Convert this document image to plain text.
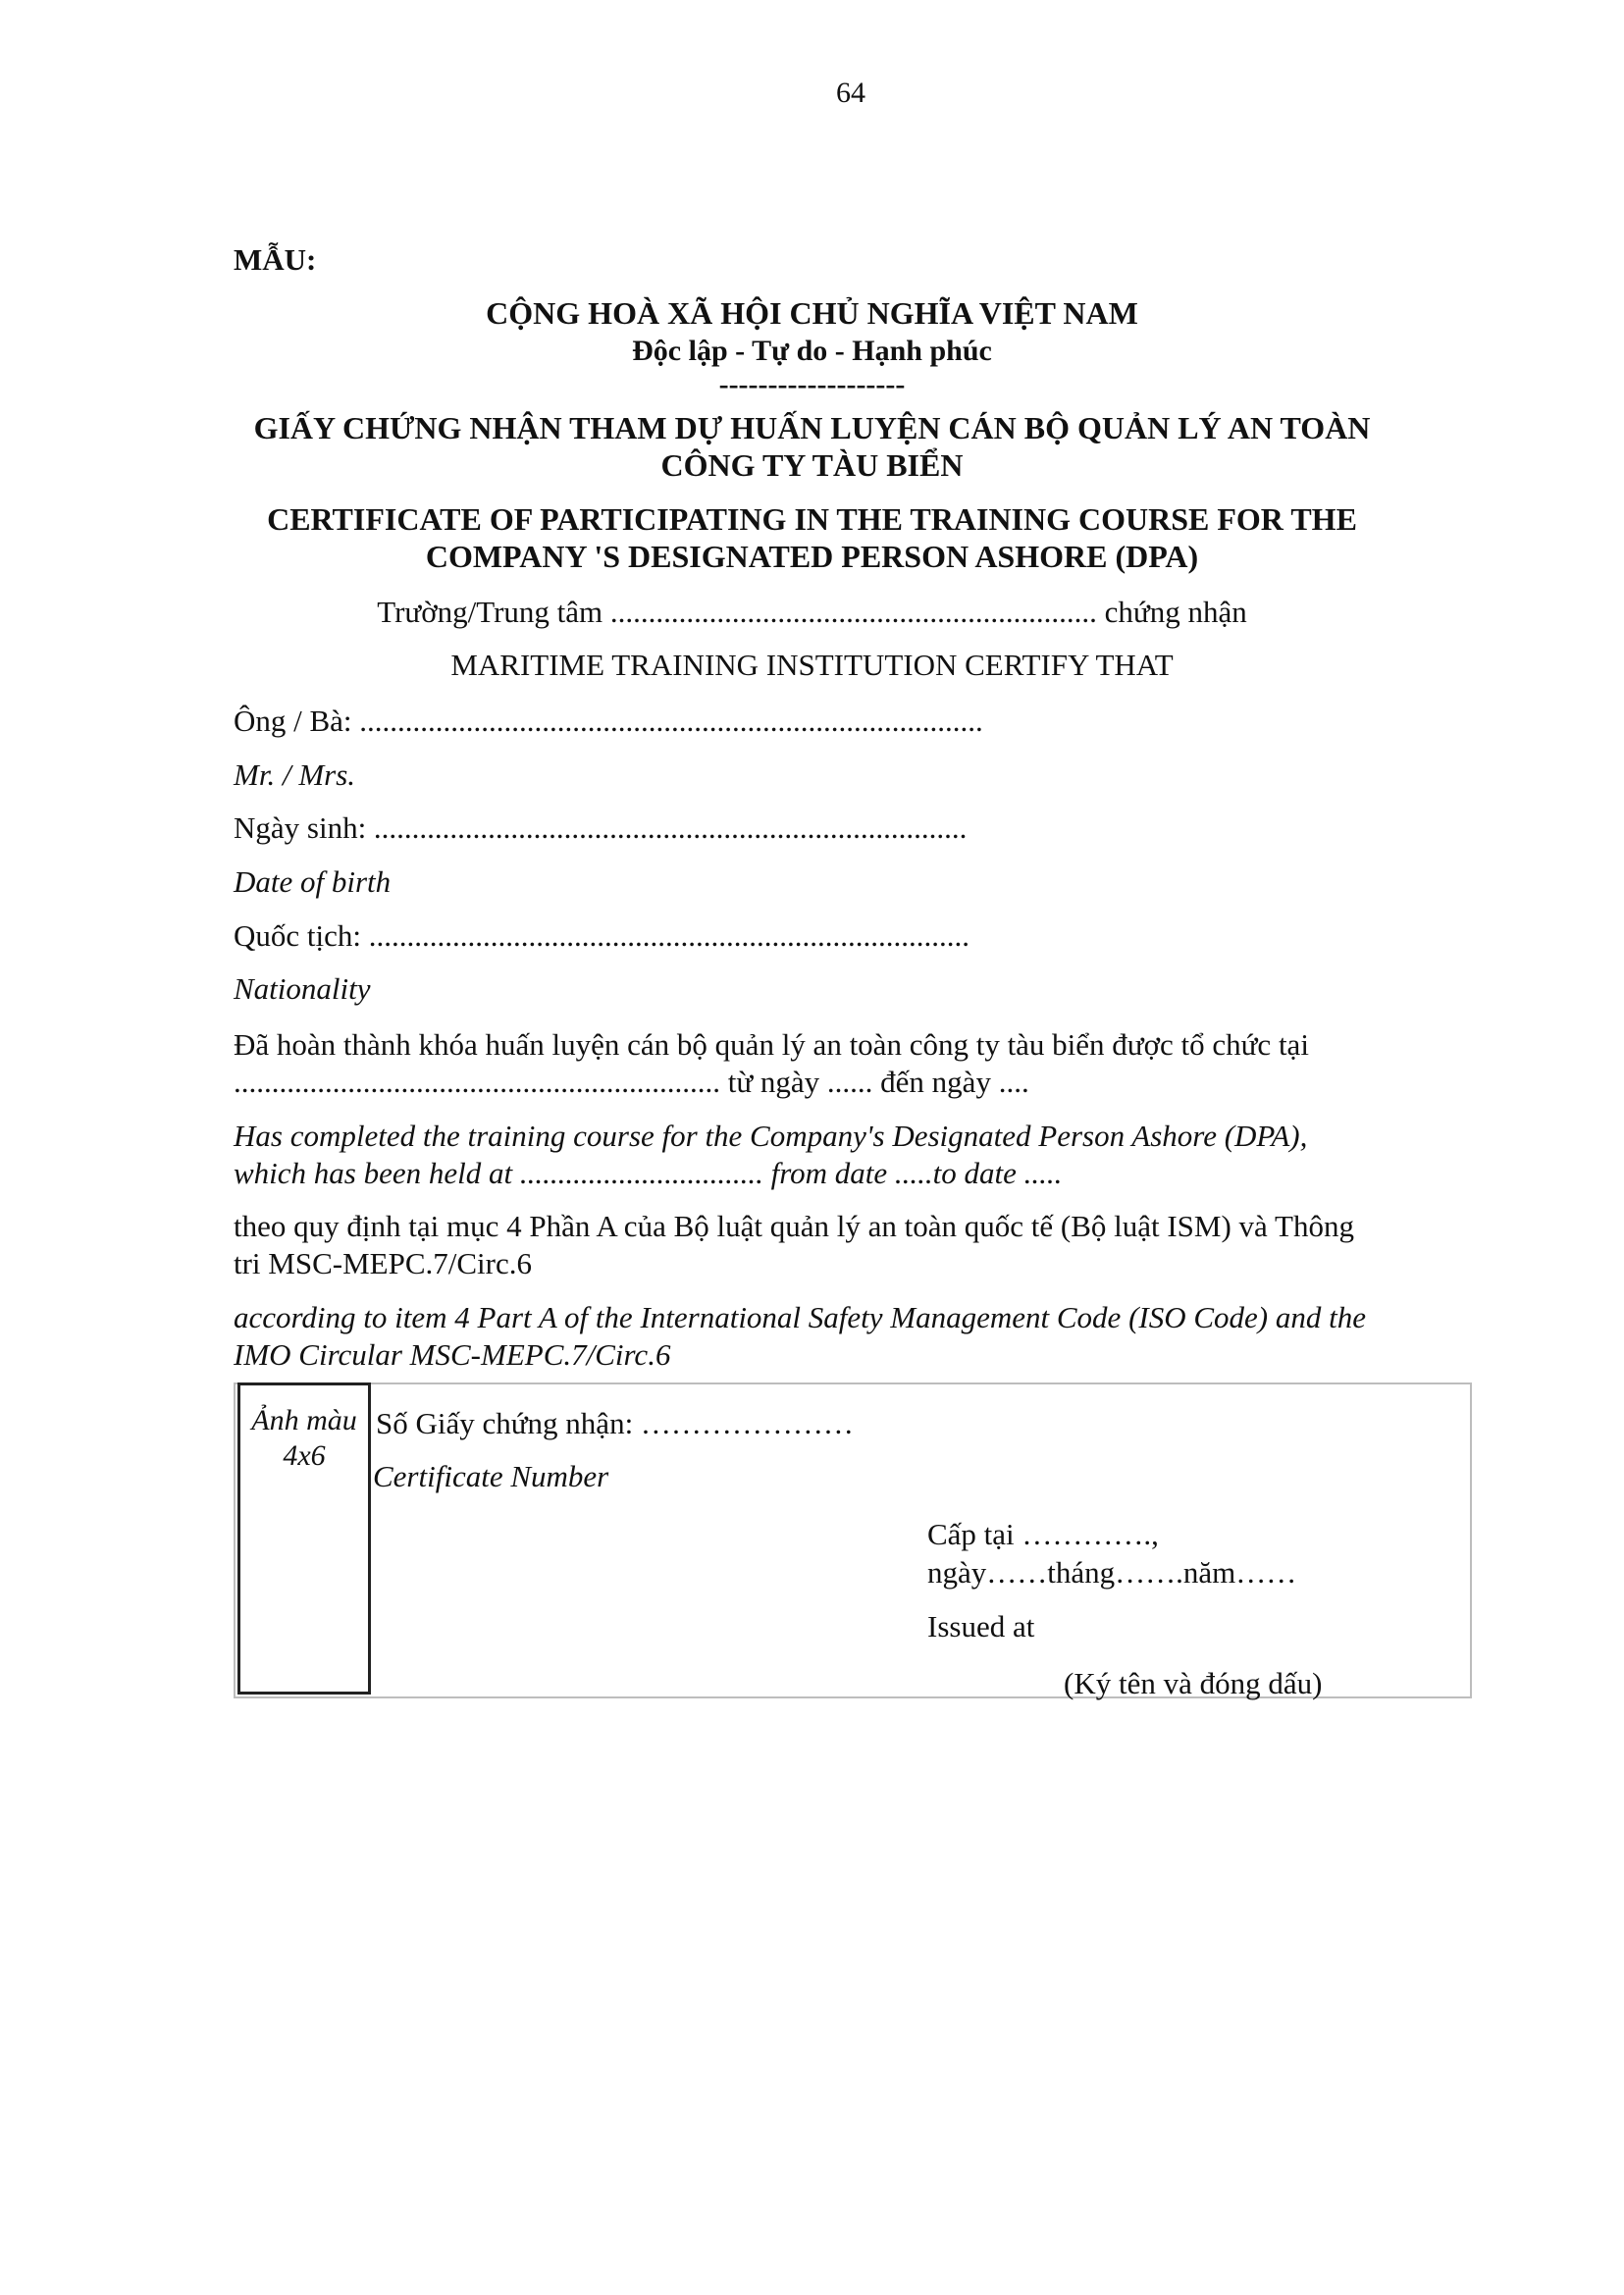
64
MẪU:
CỘNG HOÀ XÃ HỘI CHỦ NGHĨA VIỆT NAM
Độc lập - Tự do - Hạnh phúc
-------------------
GIẤY CHỨNG NHẬN THAM DỰ HUẤN LUYỆN CÁN BỘ QUẢN LÝ AN TOÀN
CÔNG TY TÀU BIỂN
CERTIFICATE OF PARTICIPATING IN THE TRAINING COURSE FOR THE
COMPANY 'S DESIGNATED PERSON ASHORE (DPA)
Trường/Trung tâm ................................................................ chứng nhận
MARITIME TRAINING INSTITUTION CERTIFY THAT
Ông / Bà: ..................................................................................
Mr. / Mrs.
Ngày sinh: ..............................................................................
Date of birth
Quốc tịch: ...............................................................................
Nationality
Đã hoàn thành khóa huấn luyện cán bộ quản lý an toàn công ty tàu biển được tổ chức tại
................................................................ từ ngày ...... đến ngày ....
Has completed the training course for the Company's Designated Person Ashore (DPA),
which has been held at ................................ from date .....to date .....
theo quy định tại mục 4 Phần A của Bộ luật quản lý an toàn quốc tế (Bộ luật ISM) và Thông
tri MSC-MEPC.7/Circ.6
according to item 4 Part A of the International Safety Management Code (ISO Code) and the
IMO Circular MSC-MEPC.7/Circ.6
Ảnh màu
4x6
Số Giấy chứng nhận: …………………
Certificate Number
Cấp tại ………….,
ngày……tháng…….năm……
Issued at
(Ký tên và đóng dấu)
